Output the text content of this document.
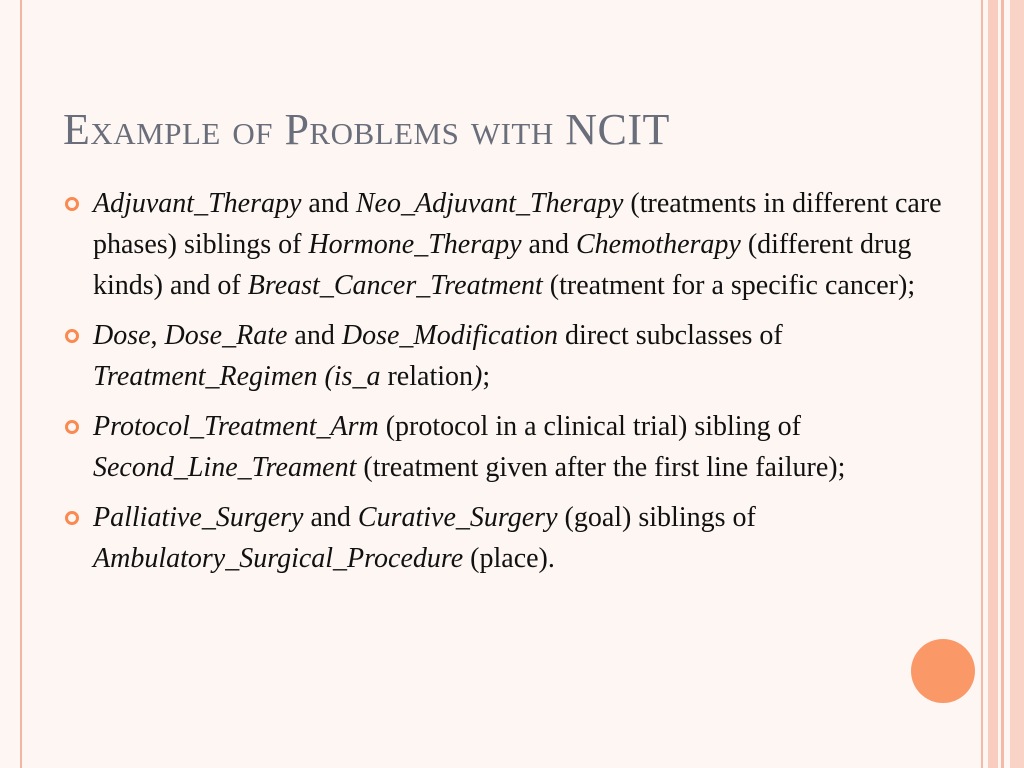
Example of Problems with NCIT
Adjuvant_Therapy and Neo_Adjuvant_Therapy (treatments in different care phases) siblings of Hormone_Therapy and Chemotherapy (different drug kinds) and of Breast_Cancer_Treatment (treatment for a specific cancer);
Dose, Dose_Rate and Dose_Modification direct subclasses of Treatment_Regimen (is_a relation);
Protocol_Treatment_Arm (protocol in a clinical trial) sibling of Second_Line_Treament (treatment given after the first line failure);
Palliative_Surgery and Curative_Surgery (goal) siblings of Ambulatory_Surgical_Procedure (place).
